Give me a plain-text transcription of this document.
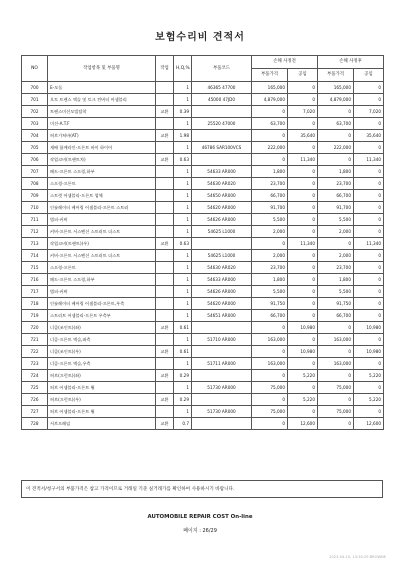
보험수리비 견적서
NO	작업항목 및 부품명	작업	H,Q,%	부품코드	손해 사정전		손해 사정후	
					부품가격	공임	부품가격	공임
700	E-모듈		1	46365 47700	165,000	0	165,000	0
701	오토 트랜스 액슬 및 토크 컨버터 어셈블리		1	45000 47JD0	4,879,000	0	4,879,000	0
702	트랜스미션모빌탈착	교환	0.39		0	7,020	0	7,020
703	미션-A.T.F		1	25520 47000	63,700	0	63,700	0
704	허브가쳐바(AT)	교환	1.98		0	35,640	0	35,640
705	재배 함께라인-프론트 바이 하이어		1	46786 SAR100VCS	222,000	0	222,000	0
706	작업코비(트랜트차)	교환	0.63		0	11,340	0	11,340
707	패드-프론트 스프링,하부		1	54633 AR000	1,800	0	1,800	0
708	스프링-프론트		1	54630 AR020	23,700	0	23,700	0
709	스트럿 어셈블리-프론트 업체		1	54650 AR000	66,700	0	66,700	0
710	인슐레이터 베어링 어셈블리-프론트 스트러		1	54620 AR000	91,700	0	91,700	0
711	범퍼-커버		1	54626 AR000	5,500	0	5,500	0
712	커버-프론트 서스펜션 스트러트 더스트		1	54625 L1000	2,000	0	2,000	0
713	작업코비(트랜트)(우)	교환	0.63		0	11,340	0	11,340
714	커버-프론트 서스펜션 스트러트 더스트		1	54625 L1000	2,000	0	2,000	0
715	스프링-프론트		1	54630 AR020	23,700	0	23,700	0
716	패드-프론트 스프링,하부		1	54633 AR000	1,800	0	1,800	0
717	범퍼-커버		1	54626 AR000	5,500	0	5,500	0
718	인슐레이터 베어링 어셈블리-프론트,우측		1	54620 AR000	91,750	0	91,750	0
719	스트러트 어셈블리-프론트 우측부		1	54651 AR000	66,700	0	66,700	0
720	너클(조인트)(좌)	교환	0.61		0	10,980	0	10,980
721	너클-프론트 액슬,좌측		1	51710 AR000	163,000	0	163,000	0
722	너클(조인트)(우)	교환	0.61		0	10,980	0	10,980
723	너클-프론트 액슬,우측		1	51711 AR000	163,000	0	163,000	0
724	허브(프런트)(좌)	교환	0.29		0	5,220	0	5,220
725	허브 어셈블리-프론트 휠		1	51730 AR000	75,000	0	75,000	0
726	허브(프런트)(우)	교환	0.29		0	5,220	0	5,220
727	허브 어셈블리-프론트 휠		1	51730 AR000	75,000	0	75,000	0
728	서브프레임	교환	0.7		0	12,600	0	12,600
이 견적서/청구서의 부품가격은 참고 가격이므로 거래일 기준 실거래가를 확인하여 사용하시기 바랍니다.
AUTOMOBILE REPAIR COST On-line
페이지 : 26/29
2023-04-10, 14:35:29 BROWNE
